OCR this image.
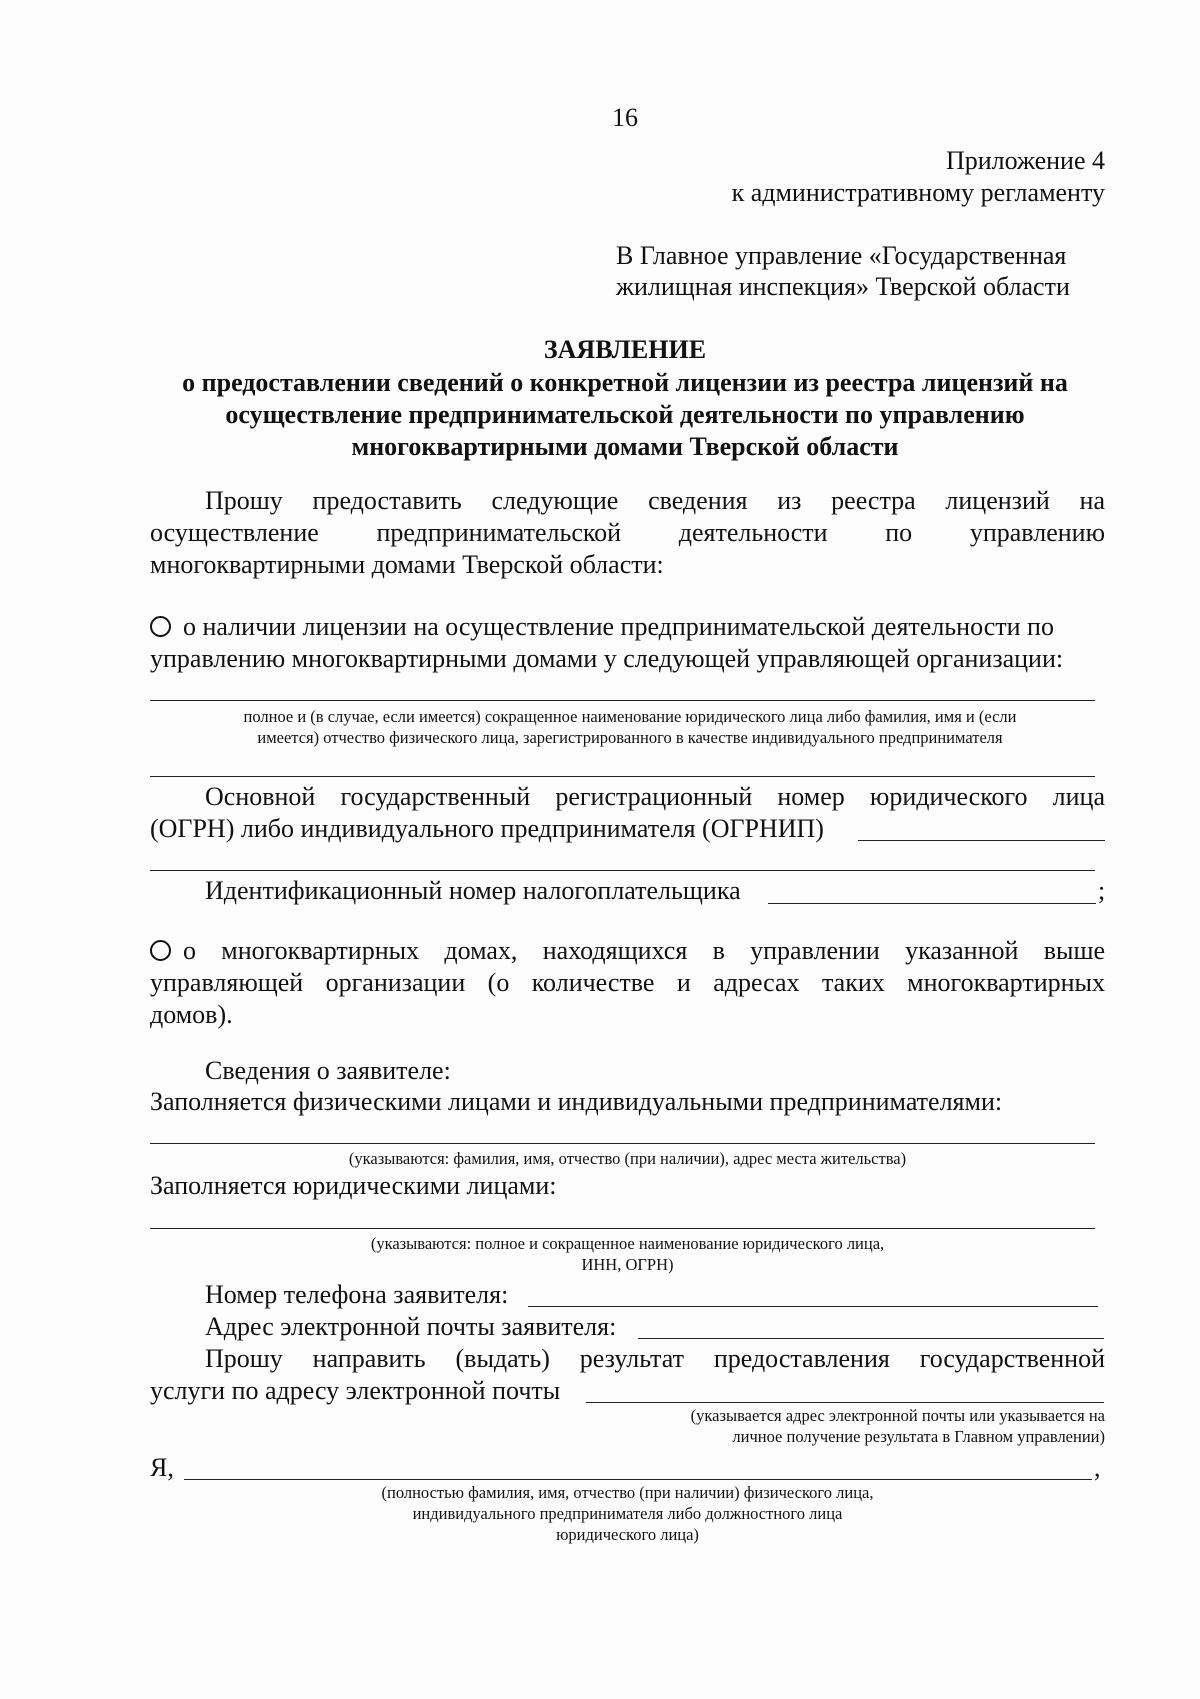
16
Приложение 4
к административному регламенту
В Главное управление «Государственная
жилищная инспекция» Тверской области
ЗАЯВЛЕНИЕ
о предоставлении сведений о конкретной лицензии из реестра лицензий на
осуществление предпринимательской деятельности по управлению
многоквартирными домами Тверской области
Прошу предоставить следующие сведения из реестра лицензий на
осуществление предпринимательской деятельности по управлению
многоквартирными домами Тверской области:
о наличии лицензии на осуществление предпринимательской деятельности по
управлению многоквартирными домами у следующей управляющей организации:
полное и (в случае, если имеется) сокращенное наименование юридического лица либо фамилия, имя и (если
имеется) отчество физического лица, зарегистрированного в качестве индивидуального предпринимателя
Основной государственный регистрационный номер юридического лица
(ОГРН) либо индивидуального предпринимателя (ОГРНИП)
Идентификационный номер налогоплательщика	;
о многоквартирных домах, находящихся в управлении указанной выше
управляющей организации (о количестве и адресах таких многоквартирных
домов).
Сведения о заявителе:
Заполняется физическими лицами и индивидуальными предпринимателями:
(указываются: фамилия, имя, отчество (при наличии), адрес места жительства)
Заполняется юридическими лицами:
(указываются: полное и сокращенное наименование юридического лица,
ИНН, ОГРН)
Номер телефона заявителя:
Адрес электронной почты заявителя:
Прошу направить (выдать) результат предоставления государственной
услуги по адресу электронной почты
(указывается адрес электронной почты или указывается на
личное получение результата в Главном управлении)
Я,	,
(полностью фамилия, имя, отчество (при наличии) физического лица,
индивидуального предпринимателя либо должностного лица
юридического лица)
